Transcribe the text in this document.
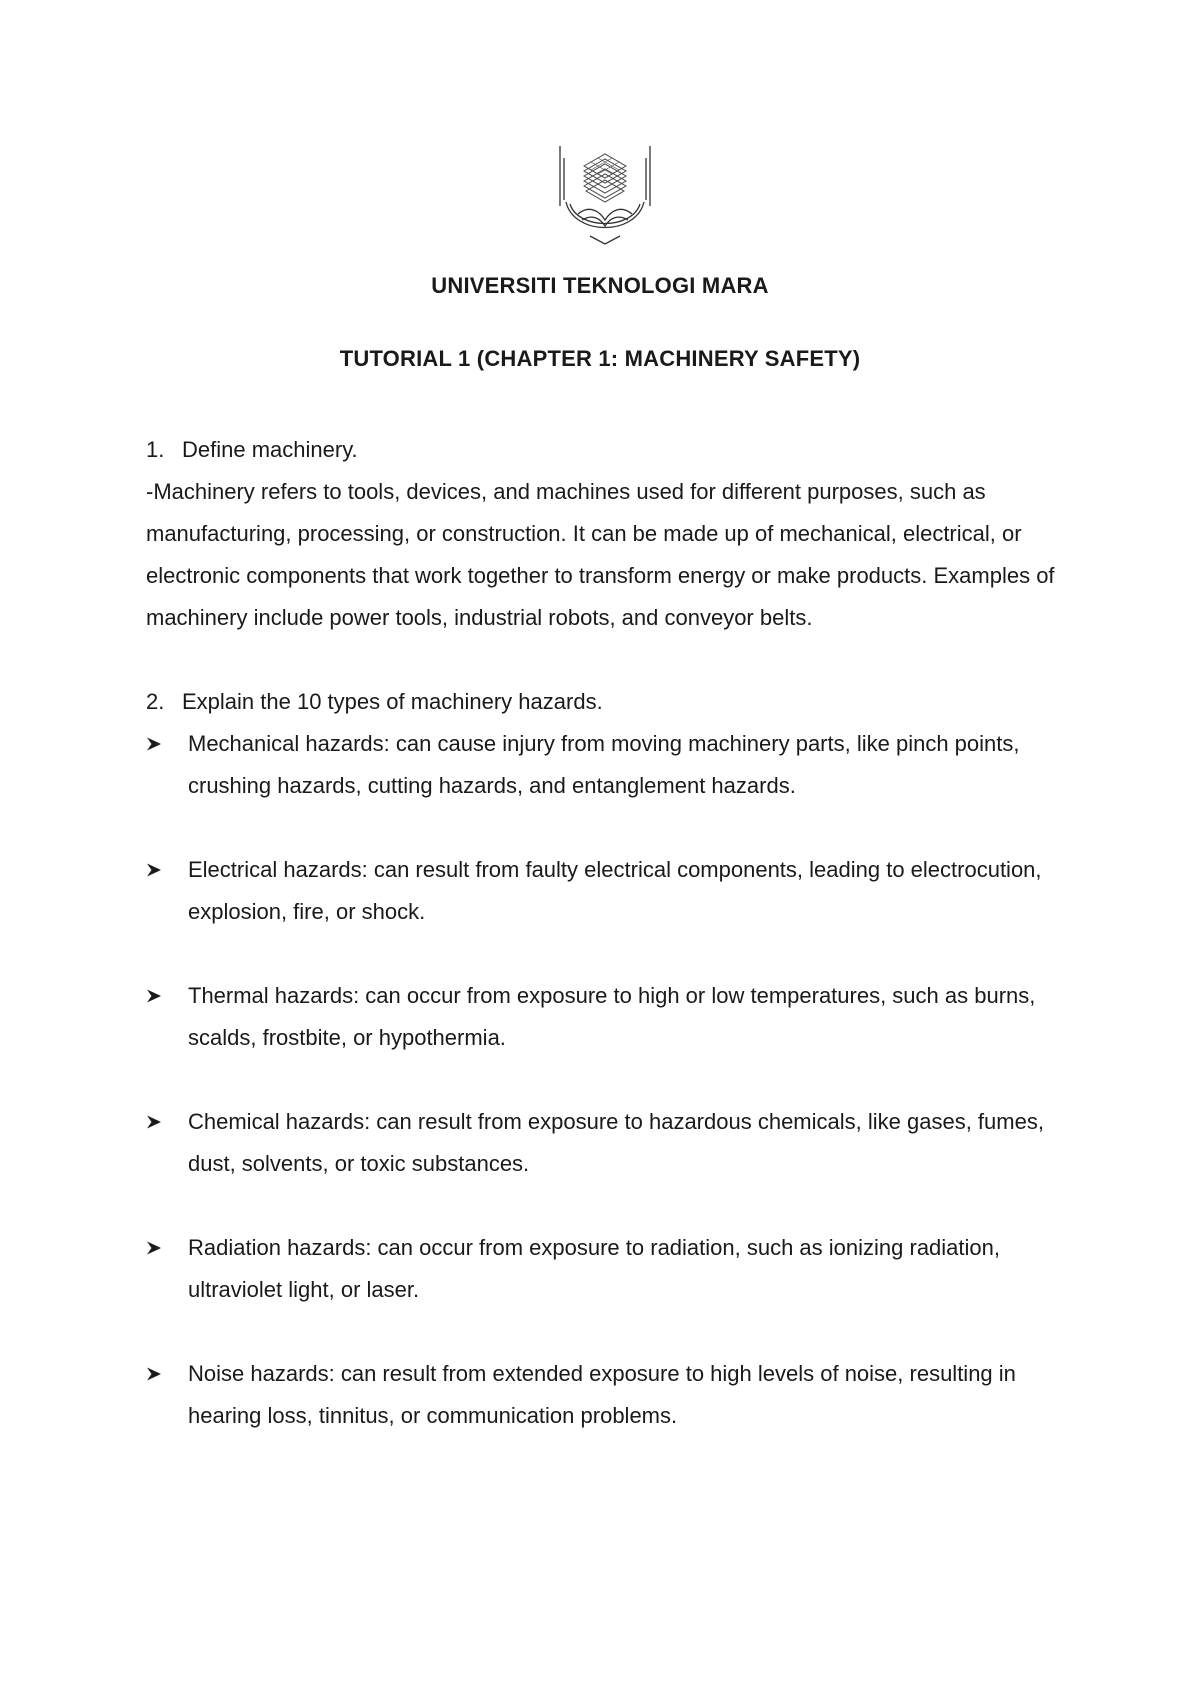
UNIVERSITI TEKNOLOGI MARA
TUTORIAL 1 (CHAPTER 1: MACHINERY SAFETY)
1. Define machinery.

-Machinery refers to tools, devices, and machines used for different purposes, such as manufacturing, processing, or construction. It can be made up of mechanical, electrical, or electronic components that work together to transform energy or make products. Examples of machinery include power tools, industrial robots, and conveyor belts.

2. Explain the 10 types of machinery hazards.
Mechanical hazards: can cause injury from moving machinery parts, like pinch points, crushing hazards, cutting hazards, and entanglement hazards.
Electrical hazards: can result from faulty electrical components, leading to electrocution, explosion, fire, or shock.
Thermal hazards: can occur from exposure to high or low temperatures, such as burns, scalds, frostbite, or hypothermia.
Chemical hazards: can result from exposure to hazardous chemicals, like gases, fumes, dust, solvents, or toxic substances.
Radiation hazards: can occur from exposure to radiation, such as ionizing radiation, ultraviolet light, or laser.
Noise hazards: can result from extended exposure to high levels of noise, resulting in hearing loss, tinnitus, or communication problems.
